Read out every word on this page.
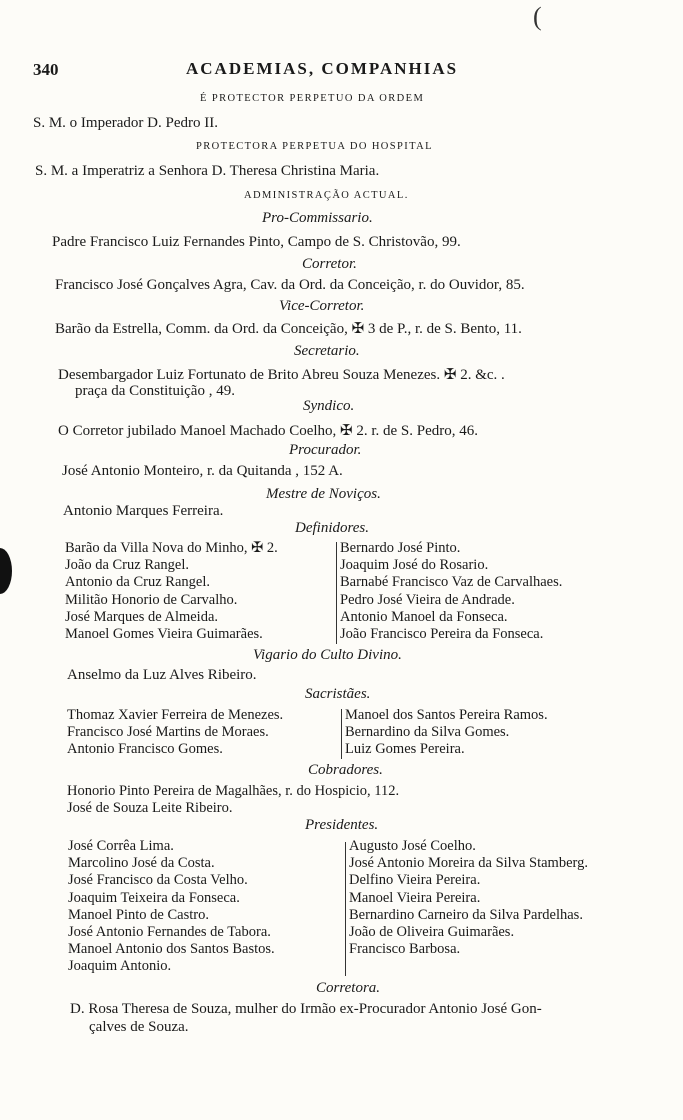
(
340	ACADEMIAS, COMPANHIAS
É PROTECTOR PERPETUO DA ORDEM
S. M. o Imperador D. Pedro II.
PROTECTORA PERPETUA DO HOSPITAL
S. M. a Imperatriz a Senhora D. Theresa Christina Maria.
ADMINISTRAÇÃO ACTUAL.
Pro-Commissario.
Padre Francisco Luiz Fernandes Pinto, Campo de S. Christovão, 99.
Corretor.
Francisco José Gonçalves Agra, Cav. da Ord. da Conceição, r. do Ouvidor, 85.
Vice-Corretor.
Barão da Estrella, Comm. da Ord. da Conceição, ✠ 3 de P., r. de S. Bento, 11.
Secretario.
Desembargador Luiz Fortunato de Brito Abreu Souza Menezes. ✠ 2. &c. .
praça da Constituição , 49.
Syndico.
O Corretor jubilado Manoel Machado Coelho, ✠ 2. r. de S. Pedro, 46.
Procurador.
José Antonio Monteiro, r. da Quitanda , 152 A.
Mestre de Noviços.
Antonio Marques Ferreira.
Definidores.
Barão da Villa Nova do Minho, ✠ 2.
João da Cruz Rangel.
Antonio da Cruz Rangel.
Militão Honorio de Carvalho.
José Marques de Almeida.
Manoel Gomes Vieira Guimarães.
Bernardo José Pinto.
Joaquim José do Rosario.
Barnabé Francisco Vaz de Carvalhaes.
Pedro José Vieira de Andrade.
Antonio Manoel da Fonseca.
João Francisco Pereira da Fonseca.
Vigario do Culto Divino.
Anselmo da Luz Alves Ribeiro.
Sacristães.
Thomaz Xavier Ferreira de Menezes.
Francisco José Martins de Moraes.
Antonio Francisco Gomes.
Manoel dos Santos Pereira Ramos.
Bernardino da Silva Gomes.
Luiz Gomes Pereira.
Cobradores.
Honorio Pinto Pereira de Magalhães, r. do Hospicio, 112.
José de Souza Leite Ribeiro.
Presidentes.
José Corrêa Lima.
Marcolino José da Costa.
José Francisco da Costa Velho.
Joaquim Teixeira da Fonseca.
Manoel Pinto de Castro.
José Antonio Fernandes de Tabora.
Manoel Antonio dos Santos Bastos.
Joaquim Antonio.
Augusto José Coelho.
José Antonio Moreira da Silva Stamberg.
Delfino Vieira Pereira.
Manoel Vieira Pereira.
Bernardino Carneiro da Silva Pardelhas.
João de Oliveira Guimarães.
Francisco Barbosa.
Corretora.
D. Rosa Theresa de Souza, mulher do Irmão ex-Procurador Antonio José Gon-
çalves de Souza.
